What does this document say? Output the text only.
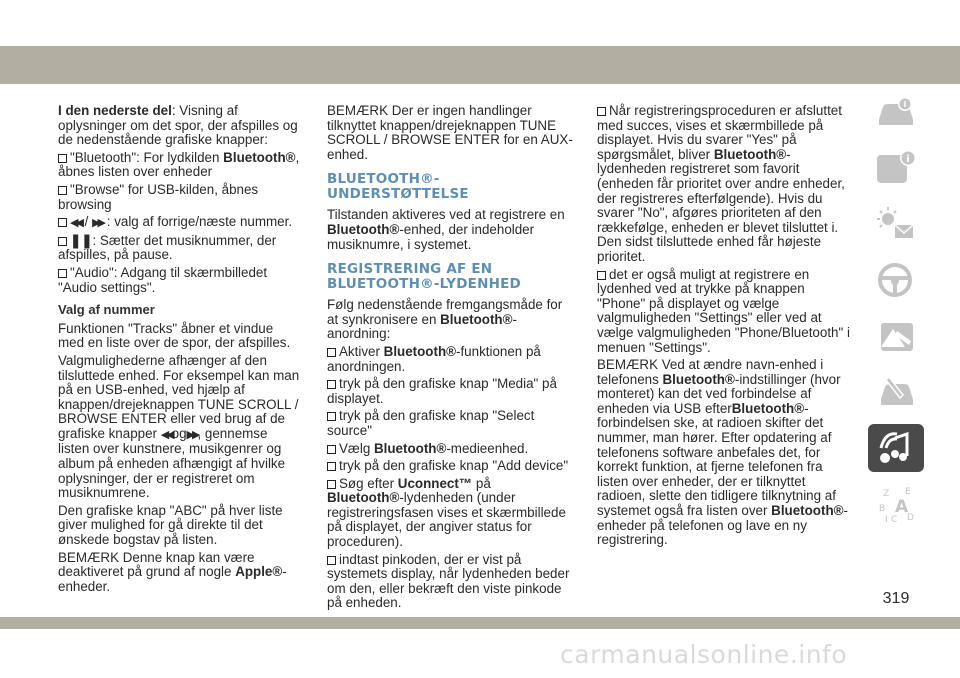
I den nederste del: Visning af oplysninger om det spor, der afspilles og de nedenstående grafiske knapper:

"Bluetooth": For lydkilden Bluetooth®, åbnes listen over enheder

"Browse" for USB-kilden, åbnes browsing

◀◀ / ▶▶ : valg af forrige/næste nummer.

❚❚: Sætter det musiknummer, der afspilles, på pause.

"Audio": Adgang til skærmbilledet "Audio settings".

Valg af nummer

Funktionen "Tracks" åbner et vindue med en liste over de spor, der afspilles.

Valgmulighederne afhænger af den tilsluttede enhed. For eksempel kan man på en USB-enhed, ved hjælp af knappen/drejeknappen TUNE SCROLL / BROWSE ENTER eller ved brug af de grafiske knapper ◀◀og▶▶, gennemse listen over kunstnere, musikgenrer og album på enheden afhængigt af hvilke oplysninger, der er registreret om musiknumrene.

Den grafiske knap "ABC" på hver liste giver mulighed for gå direkte til det ønskede bogstav på listen.

BEMÆRK Denne knap kan være deaktiveret på grund af nogle Apple®-enheder.

BEMÆRK Der er ingen handlinger tilknyttet knappen/drejeknappen TUNE SCROLL / BROWSE ENTER for en AUX-enhed.

BLUETOOTH®-UNDERSTØTTELSE

Tilstanden aktiveres ved at registrere en Bluetooth®-enhed, der indeholder musiknumre, i systemet.

REGISTRERING AF EN BLUETOOTH®-LYDENHED

Følg nedenstående fremgangsmåde for at synkronisere en Bluetooth®-anordning:

Aktiver Bluetooth®-funktionen på anordningen.

tryk på den grafiske knap "Media" på displayet.

tryk på den grafiske knap "Select source"

Vælg Bluetooth®-medieenhed.

tryk på den grafiske knap "Add device"

Søg efter Uconnect™ på
Bluetooth®-lydenheden (under registreringsfasen vises et skærmbillede på displayet, der angiver status for proceduren).

indtast pinkoden, der er vist på systemets display, når lydenheden beder om den, eller bekræft den viste pinkode på enheden.

Når registreringsproceduren er afsluttet med succes, vises et skærmbillede på displayet. Hvis du svarer "Yes" på spørgsmålet, bliver Bluetooth®-lydenheden registreret som favorit (enheden får prioritet over andre enheder, der registreres efterfølgende). Hvis du svarer "No", afgøres prioriteten af den rækkefølge, enheden er blevet tilsluttet i. Den sidst tilsluttede enhed får højeste prioritet.

det er også muligt at registrere en lydenhed ved at trykke på knappen "Phone" på displayet og vælge valgmuligheden "Settings" eller ved at vælge valgmuligheden "Phone/Bluetooth" i menuen "Settings".

BEMÆRK Ved at ændre navn-enhed i telefonens Bluetooth®-indstillinger (hvor monteret) kan det ved forbindelse af enheden via USB efterBluetooth®-forbindelsen ske, at radioen skifter det nummer, man hører. Efter opdatering af telefonens software anbefales det, for korrekt funktion, at fjerne telefonen fra listen over enheder, der er tilknyttet radioen, slette den tidligere tilknytning af systemet også fra listen over Bluetooth®-enheder på telefonen og lave en ny registrering.

i
i
Z E
B A
I C D
319
carmanualsonline.info
